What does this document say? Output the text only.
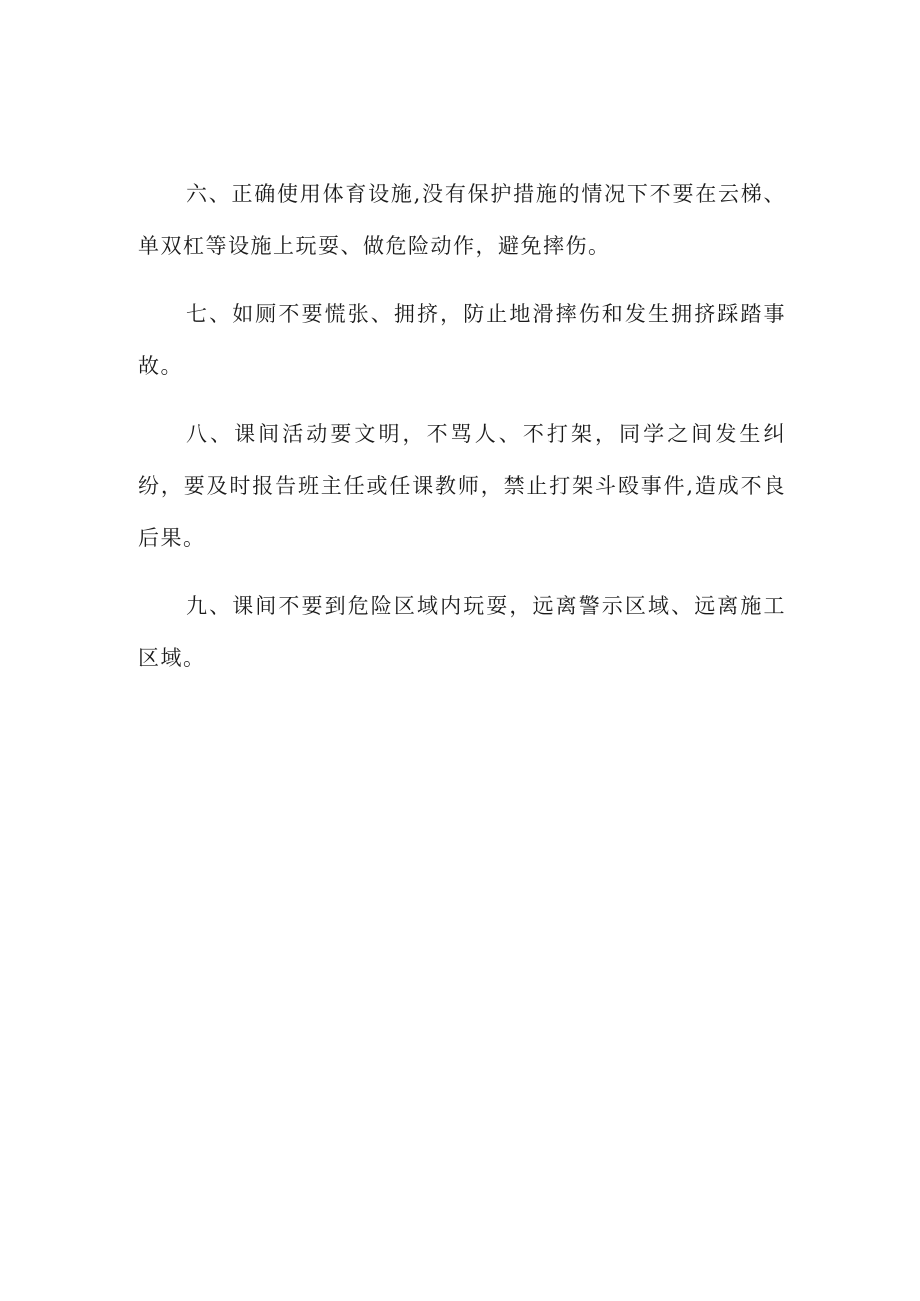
六、正确使用体育设施,没有保护措施的情况下不要在云梯、单双杠等设施上玩耍、做危险动作，避免摔伤。

七、如厕不要慌张、拥挤，防止地滑摔伤和发生拥挤踩踏事故。

八、课间活动要文明，不骂人、不打架，同学之间发生纠纷，要及时报告班主任或任课教师，禁止打架斗殴事件,造成不良后果。

九、课间不要到危险区域内玩耍，远离警示区域、远离施工区域。
